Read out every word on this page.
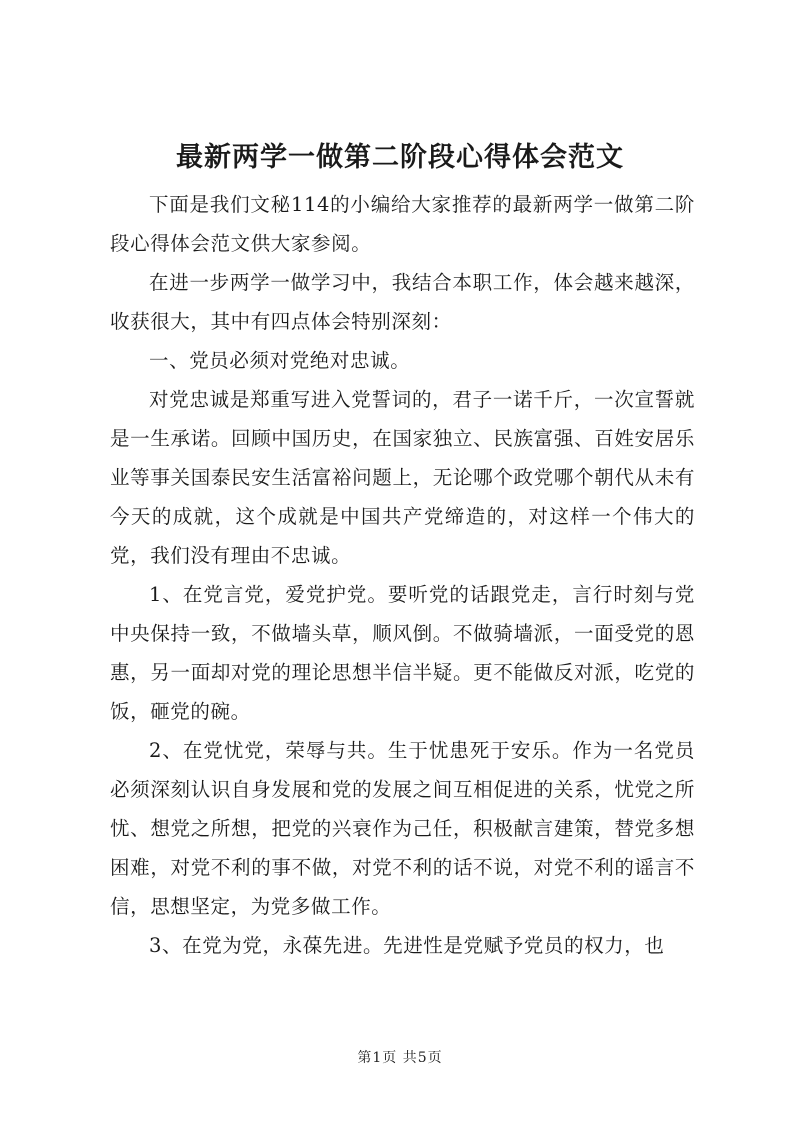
最新两学一做第二阶段心得体会范文

下面是我们文秘114的小编给大家推荐的最新两学一做第二阶段心得体会范文供大家参阅。

在进一步两学一做学习中，我结合本职工作，体会越来越深，收获很大，其中有四点体会特别深刻：

一、党员必须对党绝对忠诚。

对党忠诚是郑重写进入党誓词的，君子一诺千斤，一次宣誓就是一生承诺。回顾中国历史，在国家独立、民族富强、百姓安居乐业等事关国泰民安生活富裕问题上，无论哪个政党哪个朝代从未有今天的成就，这个成就是中国共产党缔造的，对这样一个伟大的党，我们没有理由不忠诚。

1、在党言党，爱党护党。要听党的话跟党走，言行时刻与党中央保持一致，不做墙头草，顺风倒。不做骑墙派，一面受党的恩惠，另一面却对党的理论思想半信半疑。更不能做反对派，吃党的饭，砸党的碗。

2、在党忧党，荣辱与共。生于忧患死于安乐。作为一名党员必须深刻认识自身发展和党的发展之间互相促进的关系，忧党之所忧、想党之所想，把党的兴衰作为己任，积极献言建策，替党多想困难，对党不利的事不做，对党不利的话不说，对党不利的谣言不信，思想坚定，为党多做工作。

3、在党为党，永葆先进。先进性是党赋予党员的权力，也

第1页 共5页
